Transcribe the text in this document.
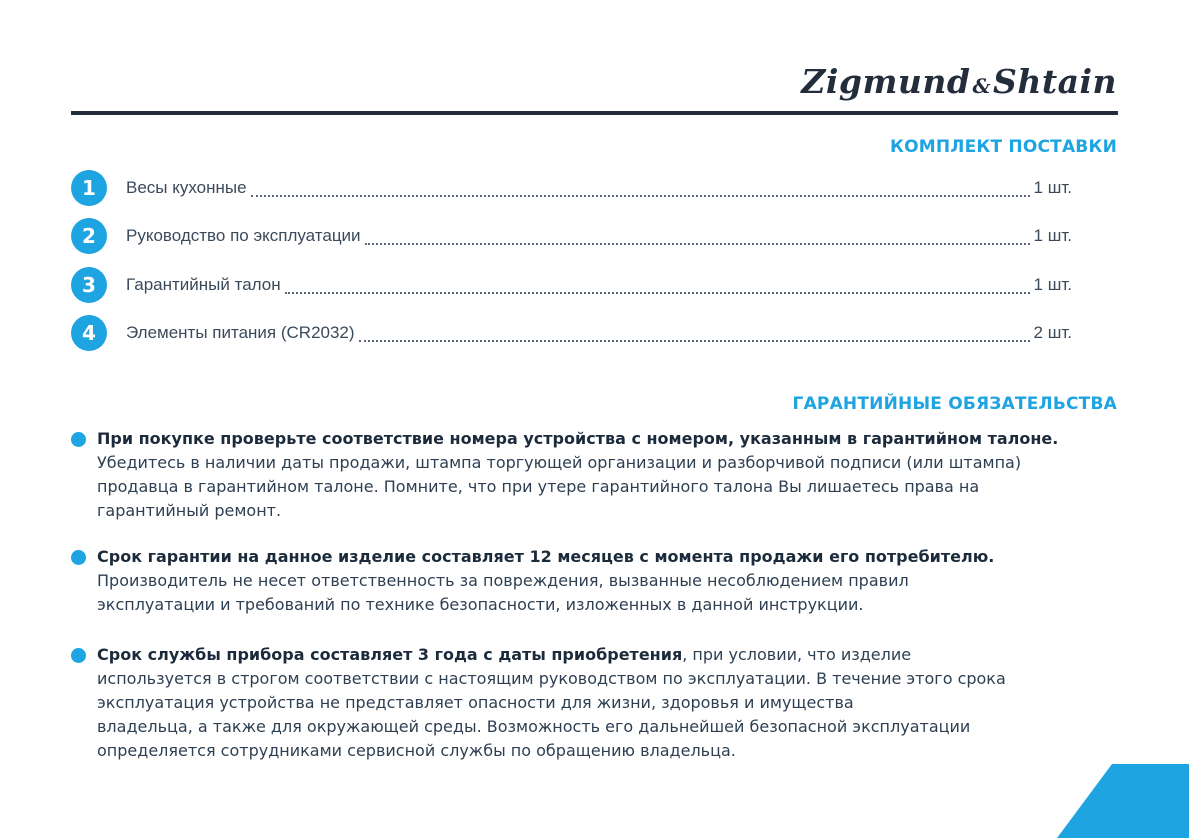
Zigmund &Shtain
КОМПЛЕКТ ПОСТАВКИ
1	Весы кухонные	1 шт.
2	Руководство по эксплуатации	1 шт.
3	Гарантийный талон	1 шт.
4	Элементы питания (CR2032)	2 шт.
ГАРАНТИЙНЫЕ ОБЯЗАТЕЛЬСТВА
При покупке проверьте соответствие номера устройства с номером, указанным в гарантийном талоне.
Убедитесь в наличии даты продажи, штампа торгующей организации и разборчивой подписи (или штампа)
продавца в гарантийном талоне. Помните, что при утере гарантийного талона Вы лишаетесь права на
гарантийный ремонт.
Срок гарантии на данное изделие составляет 12 месяцев с момента продажи его потребителю.
Производитель не несет ответственность за повреждения, вызванные несоблюдением правил
эксплуатации и требований по технике безопасности, изложенных в данной инструкции.
Срок службы прибора составляет 3 года с даты приобретения, при условии, что изделие
используется в строгом соответствии с настоящим руководством по эксплуатации. В течение этого срока
эксплуатация устройства не представляет опасности для жизни, здоровья и имущества
владельца, а также для окружающей среды. Возможность его дальнейшей безопасной эксплуатации
определяется сотрудниками сервисной службы по обращению владельца.
